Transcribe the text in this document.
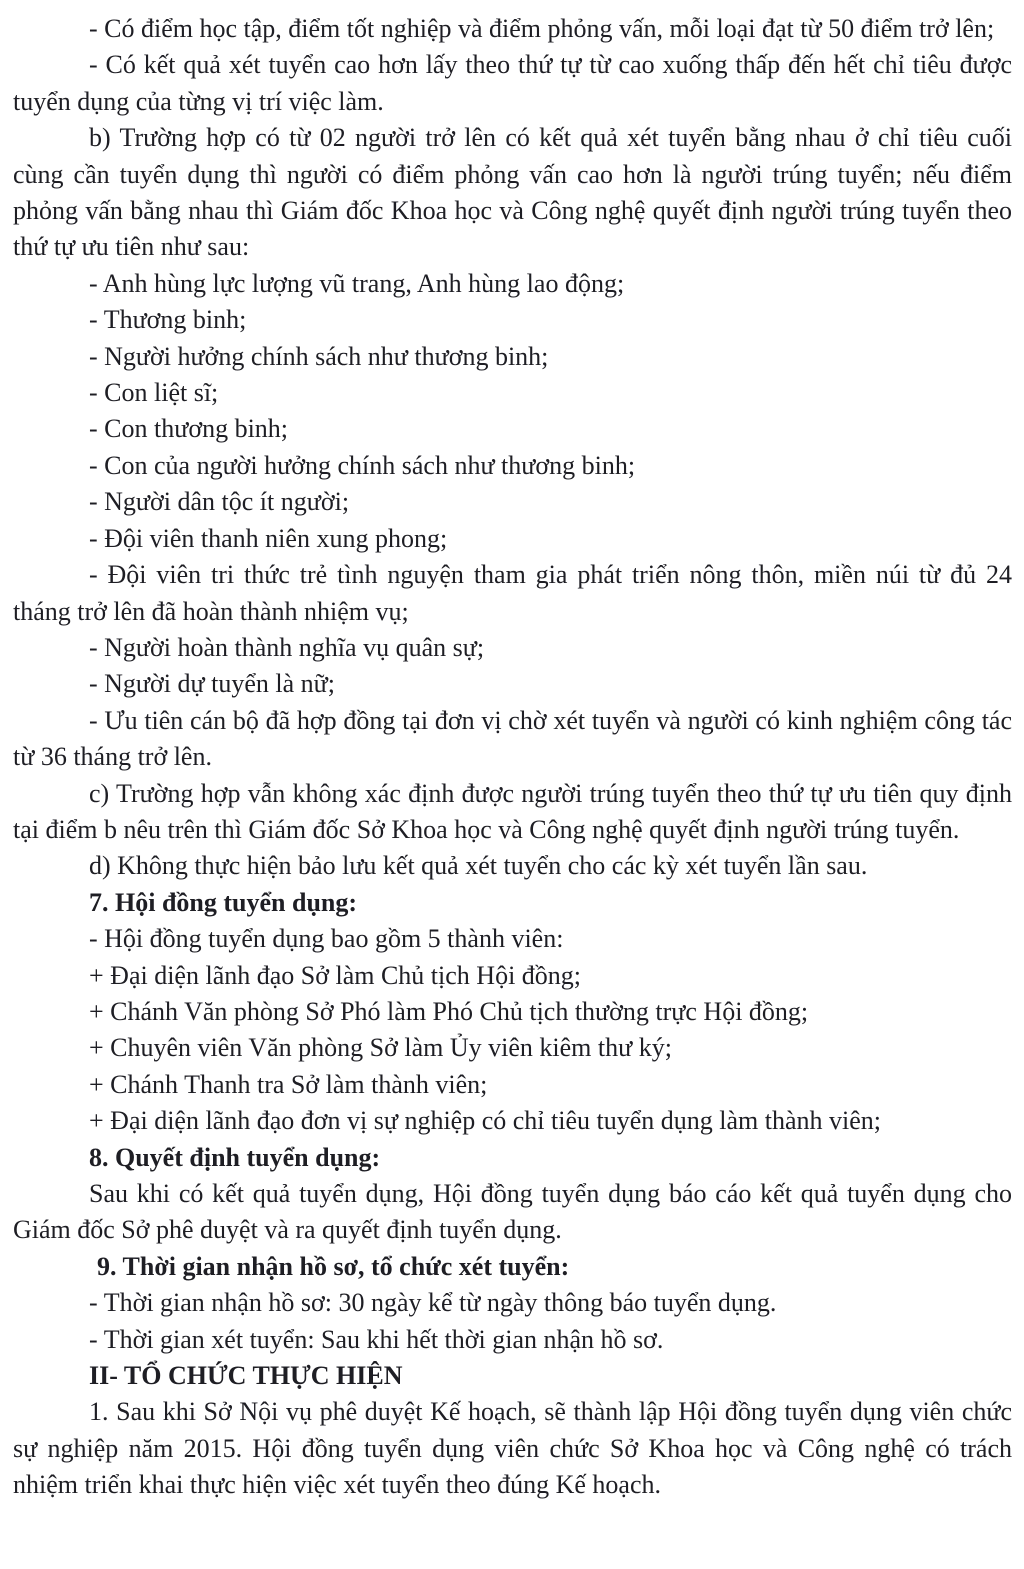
- Có điểm học tập, điểm tốt nghiệp và điểm phỏng vấn, mỗi loại đạt từ 50 điểm trở lên;

- Có kết quả xét tuyển cao hơn lấy theo thứ tự từ cao xuống thấp đến hết chỉ tiêu được tuyển dụng của từng vị trí việc làm.

b) Trường hợp có từ 02 người trở lên có kết quả xét tuyển bằng nhau ở chỉ tiêu cuối cùng cần tuyển dụng thì người có điểm phỏng vấn cao hơn là người trúng tuyển; nếu điểm phỏng vấn bằng nhau thì Giám đốc Khoa học và Công nghệ quyết định người trúng tuyển theo thứ tự ưu tiên như sau:

- Anh hùng lực lượng vũ trang, Anh hùng lao động;

- Thương binh;

- Người hưởng chính sách như thương binh;

- Con liệt sĩ;

- Con thương binh;

- Con của người hưởng chính sách như thương binh;

- Người dân tộc ít người;

- Đội viên thanh niên xung phong;

- Đội viên tri thức trẻ tình nguyện tham gia phát triển nông thôn, miền núi từ đủ 24 tháng trở lên đã hoàn thành nhiệm vụ;

- Người hoàn thành nghĩa vụ quân sự;

- Người dự tuyển là nữ;

- Ưu tiên cán bộ đã hợp đồng tại đơn vị chờ xét tuyển và người có kinh nghiệm công tác từ 36 tháng trở lên.

c) Trường hợp vẫn không xác định được người trúng tuyển theo thứ tự ưu tiên quy định tại điểm b nêu trên thì Giám đốc Sở Khoa học và Công nghệ quyết định người trúng tuyển.

d) Không thực hiện bảo lưu kết quả xét tuyển cho các kỳ xét tuyển lần sau.

7. Hội đồng tuyển dụng:

- Hội đồng tuyển dụng bao gồm 5 thành viên:

+ Đại diện lãnh đạo Sở làm Chủ tịch Hội đồng;

+ Chánh Văn phòng Sở Phó làm Phó Chủ tịch thường trực Hội đồng;

+ Chuyên viên Văn phòng Sở làm Ủy viên kiêm thư ký;

+ Chánh Thanh tra Sở làm thành viên;

+ Đại diện lãnh đạo đơn vị sự nghiệp có chỉ tiêu tuyển dụng làm thành viên;

8. Quyết định tuyển dụng:

Sau khi có kết quả tuyển dụng, Hội đồng tuyển dụng báo cáo kết quả tuyển dụng cho Giám đốc Sở phê duyệt và ra quyết định tuyển dụng.

9. Thời gian nhận hồ sơ, tổ chức xét tuyển:

- Thời gian nhận hồ sơ: 30 ngày kể từ ngày thông báo tuyển dụng.

- Thời gian xét tuyển: Sau khi hết thời gian nhận hồ sơ.

II- TỔ CHỨC THỰC HIỆN

1. Sau khi Sở Nội vụ phê duyệt Kế hoạch, sẽ thành lập Hội đồng tuyển dụng viên chức sự nghiệp năm 2015. Hội đồng tuyển dụng viên chức Sở Khoa học và Công nghệ có trách nhiệm triển khai thực hiện việc xét tuyển theo đúng Kế hoạch.
